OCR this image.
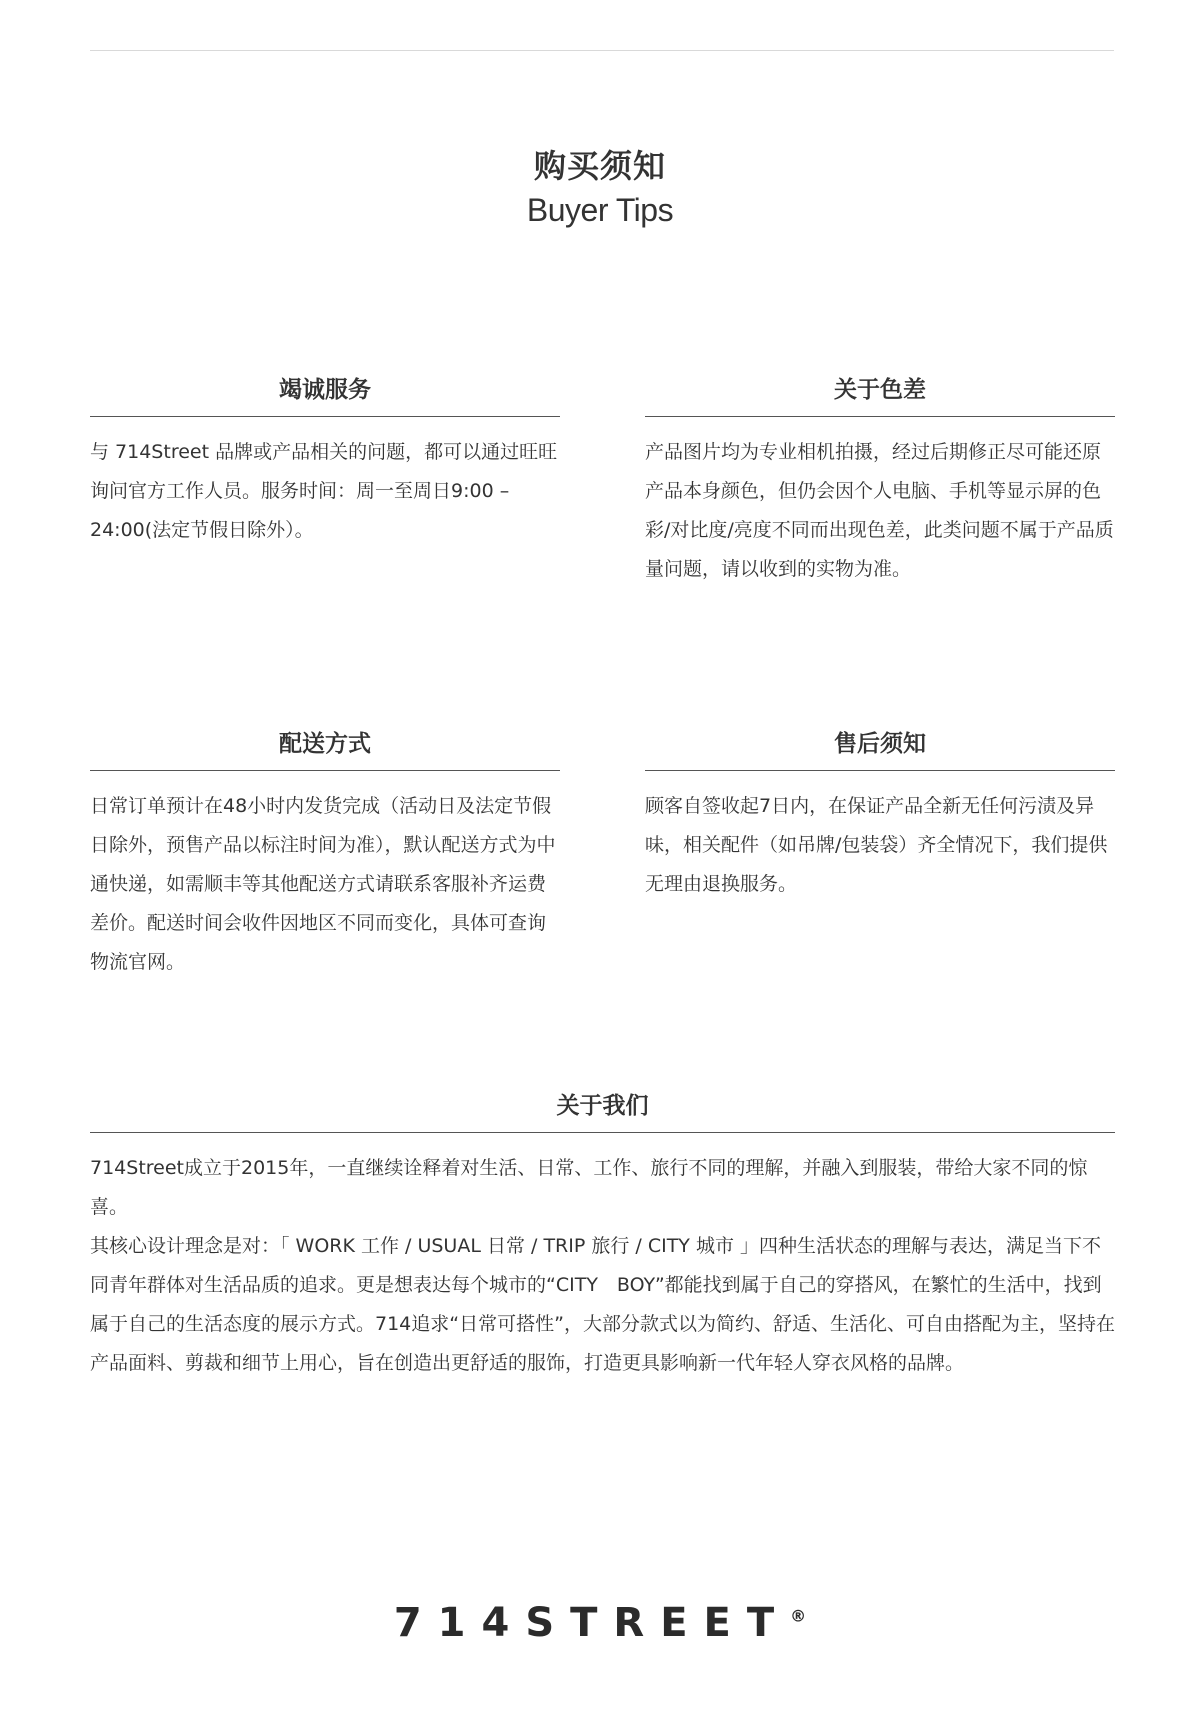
购买须知
Buyer Tips
竭诚服务
与 714Street 品牌或产品相关的问题，都可以通过旺旺询问官方工作人员。服务时间：周一至周日9:00 – 24:00(法定节假日除外）。
关于色差
产品图片均为专业相机拍摄，经过后期修正尽可能还原产品本身颜色，但仍会因个人电脑、手机等显示屏的色彩/对比度/亮度不同而出现色差，此类问题不属于产品质量问题，请以收到的实物为准。
配送方式
日常订单预计在48小时内发货完成（活动日及法定节假日除外，预售产品以标注时间为准），默认配送方式为中通快递，如需顺丰等其他配送方式请联系客服补齐运费差价。配送时间会收件因地区不同而变化，具体可查询物流官网。
售后须知
顾客自签收起7日内，在保证产品全新无任何污渍及异味，相关配件（如吊牌/包装袋）齐全情况下，我们提供无理由退换服务。
关于我们

714Street成立于2015年，一直继续诠释着对生活、日常、工作、旅行不同的理解，并融入到服装，带给大家不同的惊喜。

其核心设计理念是对：「 WORK 工作 / USUAL 日常 / TRIP 旅行 / CITY 城市 」四种生活状态的理解与表达，满足当下不同青年群体对生活品质的追求。更是想表达每个城市的“CITY　BOY”都能找到属于自己的穿搭风，在繁忙的生活中，找到属于自己的生活态度的展示方式。714追求“日常可搭性”，大部分款式以为简约、舒适、生活化、可自由搭配为主，坚持在产品面料、剪裁和细节上用心，旨在创造出更舒适的服饰，打造更具影响新一代年轻人穿衣风格的品牌。

714STREET®
